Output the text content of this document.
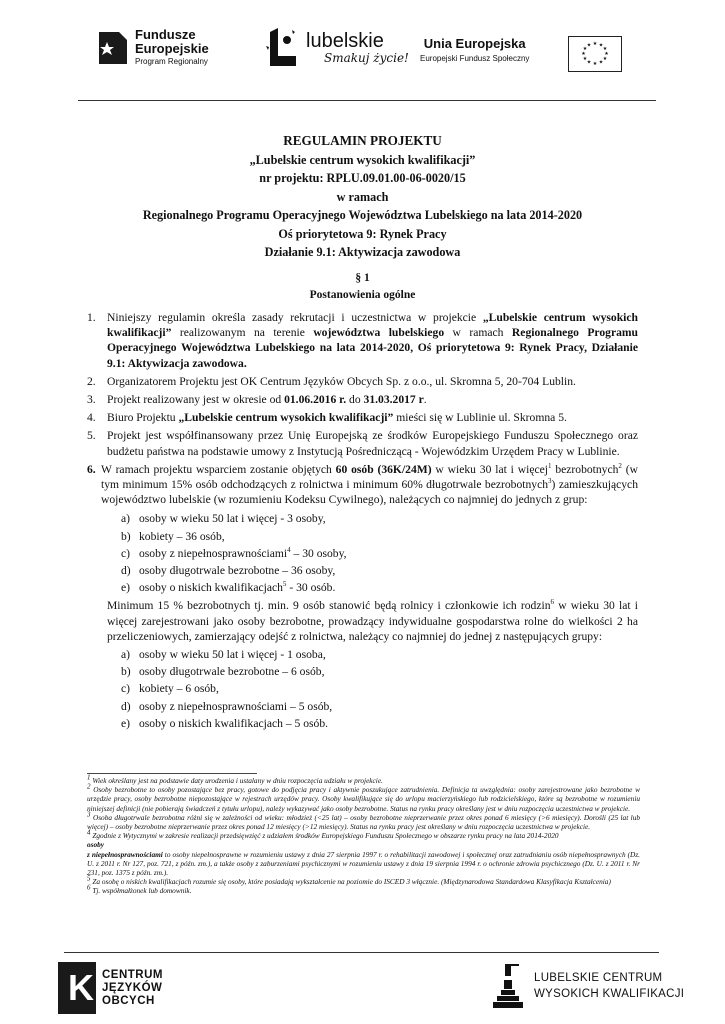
Fundusze
Europejskie
Program Regionalny
lubelskie
Smakuj życie!
Unia Europejska
Europejski Fundusz Społeczny
★ ★
★
★
★
★
★
★
★
★
★
★
REGULAMIN PROJEKTU
„Lubelskie centrum wysokich kwalifikacji”
nr projektu: RPLU.09.01.00-06-0020/15
w ramach
Regionalnego Programu Operacyjnego Województwa Lubelskiego na lata 2014-2020
Oś priorytetowa 9: Rynek Pracy
Działanie 9.1: Aktywizacja zawodowa
§ 1
Postanowienia ogólne

1. Niniejszy regulamin określa zasady rekrutacji i uczestnictwa w projekcie „Lubelskie centrum wysokich kwalifikacji” realizowanym na terenie województwa lubelskiego w ramach Regionalnego Programu Operacyjnego Województwa Lubelskiego na lata 2014-2020, Oś priorytetowa 9: Rynek Pracy, Działanie 9.1: Aktywizacja zawodowa.

2. Organizatorem Projektu jest OK Centrum Języków Obcych Sp. z o.o., ul. Skromna 5, 20-704 Lublin.

3. Projekt realizowany jest w okresie od 01.06.2016 r. do 31.03.2017 r.

4. Biuro Projektu „Lubelskie centrum wysokich kwalifikacji” mieści się w Lublinie ul. Skromna 5.

5. Projekt jest współfinansowany przez Unię Europejską ze środków Europejskiego Funduszu Społecznego oraz budżetu państwa na podstawie umowy z Instytucją Pośredniczącą - Wojewódzkim Urzędem Pracy w Lublinie.

6. W ramach projektu wsparciem zostanie objętych 60 osób (36K/24M) w wieku 30 lat i więcej$^1$ bezrobotnych$^2$ (w tym minimum 15% osób odchodzących z rolnictwa i minimum 60% długotrwale bezrobotnych$^3$) zamieszkujących województwo lubelskie (w rozumieniu Kodeksu Cywilnego), należących co najmniej do jednych z grup:

a) osoby w wieku 50 lat i więcej - 3 osoby,
b) kobiety – 36 osób,
c) osoby z niepełnosprawnościami$^4$ – 30 osoby,
d) osoby długotrwale bezrobotne – 36 osoby,
e) osoby o niskich kwalifikacjach$^5$ - 30 osób.

Minimum 15 % bezrobotnych tj. min. 9 osób stanowić będą rolnicy i członkowie ich rodzin$^6$ w wieku 30 lat i więcej zarejestrowani jako osoby bezrobotne, prowadzący indywidualne gospodarstwa rolne do wielkości 2 ha przeliczeniowych, zamierzający odejść z rolnictwa, należący co najmniej do jednej z następujących grupy:

a) osoby w wieku 50 lat i więcej - 1 osoba,
b) osoby długotrwale bezrobotne – 6 osób,
c) kobiety – 6 osób,
d) osoby z niepełnosprawnościami – 5 osób,
e) osoby o niskich kwalifikacjach – 5 osób.

$^1$ Wiek określany jest na podstawie daty urodzenia i ustalany w dniu rozpoczęcia udziału w projekcie.

$^2$ Osoby bezrobotne to osoby pozostające bez pracy, gotowe do podjęcia pracy i aktywnie poszukujące zatrudnienia. Definicja ta uwzględnia: osoby zarejestrowane jako bezrobotne w urzędzie pracy, osoby bezrobotne niepozostające w rejestrach urzędów pracy. Osoby kwalifikujące się do urlopu macierzyńskiego lub rodzicielskiego, które są bezrobotne w rozumieniu niniejszej definicji (nie pobierają świadczeń z tytułu urlopu), należy wykazywać jako osoby bezrobotne. Status na rynku pracy określany jest w dniu rozpoczęcia uczestnictwa w projekcie.

$^3$ Osoba długotrwale bezrobotna różni się w zależności od wieku: młodzież (<25 lat) – osoby bezrobotne nieprzerwanie przez okres ponad 6 miesięcy (>6 miesięcy). Dorośli (25 lat lub więcej) – osoby bezrobotne nieprzerwanie przez okres ponad 12 miesięcy (>12 miesięcy). Status na rynku pracy jest określany w dniu rozpoczęcia uczestnictwa w projekcie.

$^4$ Zgodnie z Wytycznymi w zakresie realizacji przedsięwzięć z udziałem środków Europejskiego Funduszu Społecznego w obszarze rynku pracy na lata 2014-2020
osoby
z niepełnosprawnościami to osoby niepełnosprawne w rozumieniu ustawy z dnia 27 sierpnia 1997 r. o rehabilitacji zawodowej i społecznej oraz zatrudnianiu osób niepełnosprawnych (Dz. U. z 2011 r. Nr 127, poz. 721, z późn. zm.), a także osoby z zaburzeniami psychicznymi w rozumieniu ustawy z dnia 19 sierpnia 1994 r. o ochronie zdrowia psychicznego (Dz. U. z 2011 r. Nr 231, poz. 1375 z późn. zm.).

$^5$ Za osobę o niskich kwalifikacjach rozumie się osoby, które posiadają wykształcenie na poziomie do ISCED 3 włącznie. (Międzynarodowa Standardowa Klasyfikacja Kształcenia)

$^6$ Tj. współmałżonek lub domownik.

K CENTRUM
JĘZYKÓW
OBCYCH
LUBELSKIE CENTRUM
WYSOKICH KWALIFIKACJI
